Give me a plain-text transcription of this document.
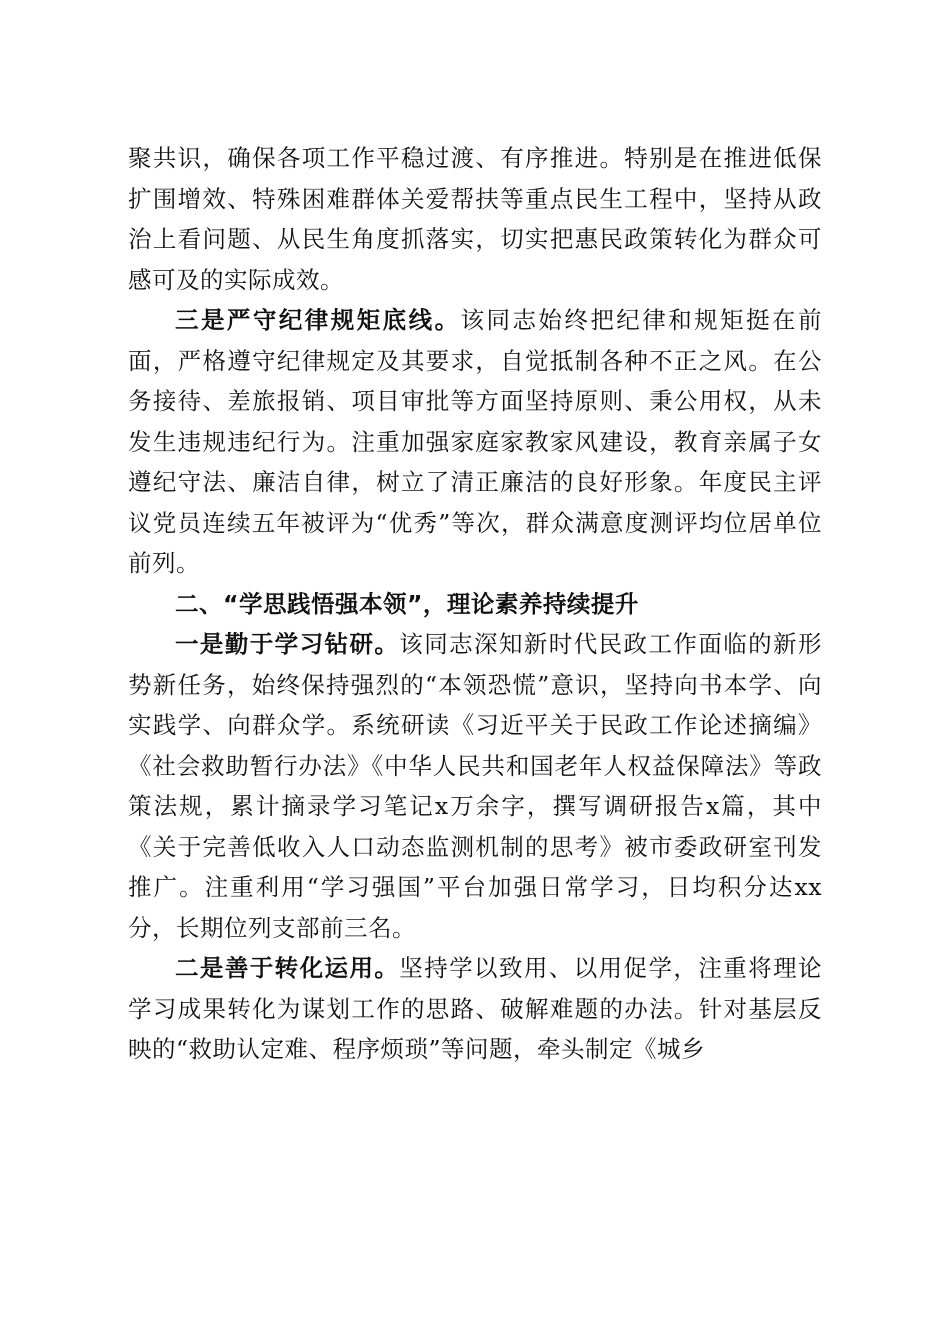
聚共识，确保各项工作平稳过渡、有序推进。特别是在推进低保扩围增效、特殊困难群体关爱帮扶等重点民生工程中，坚持从政治上看问题、从民生角度抓落实，切实把惠民政策转化为群众可感可及的实际成效。

三是严守纪律规矩底线。该同志始终把纪律和规矩挺在前面，严格遵守纪律规定及其要求，自觉抵制各种不正之风。在公务接待、差旅报销、项目审批等方面坚持原则、秉公用权，从未发生违规违纪行为。注重加强家庭家教家风建设，教育亲属子女遵纪守法、廉洁自律，树立了清正廉洁的良好形象。年度民主评议党员连续五年被评为“优秀”等次，群众满意度测评均位居单位前列。

二、“学思践悟强本领”，理论素养持续提升

一是勤于学习钻研。该同志深知新时代民政工作面临的新形势新任务，始终保持强烈的“本领恐慌”意识，坚持向书本学、向实践学、向群众学。系统研读《习近平关于民政工作论述摘编》《社会救助暂行办法》《中华人民共和国老年人权益保障法》等政策法规，累计摘录学习笔记x万余字，撰写调研报告x篇，其中《关于完善低收入人口动态监测机制的思考》被市委政研室刊发推广。注重利用“学习强国”平台加强日常学习，日均积分达xx分，长期位列支部前三名。

二是善于转化运用。坚持学以致用、以用促学，注重将理论学习成果转化为谋划工作的思路、破解难题的办法。针对基层反映的“救助认定难、程序烦琐”等问题，牵头制定《城乡
